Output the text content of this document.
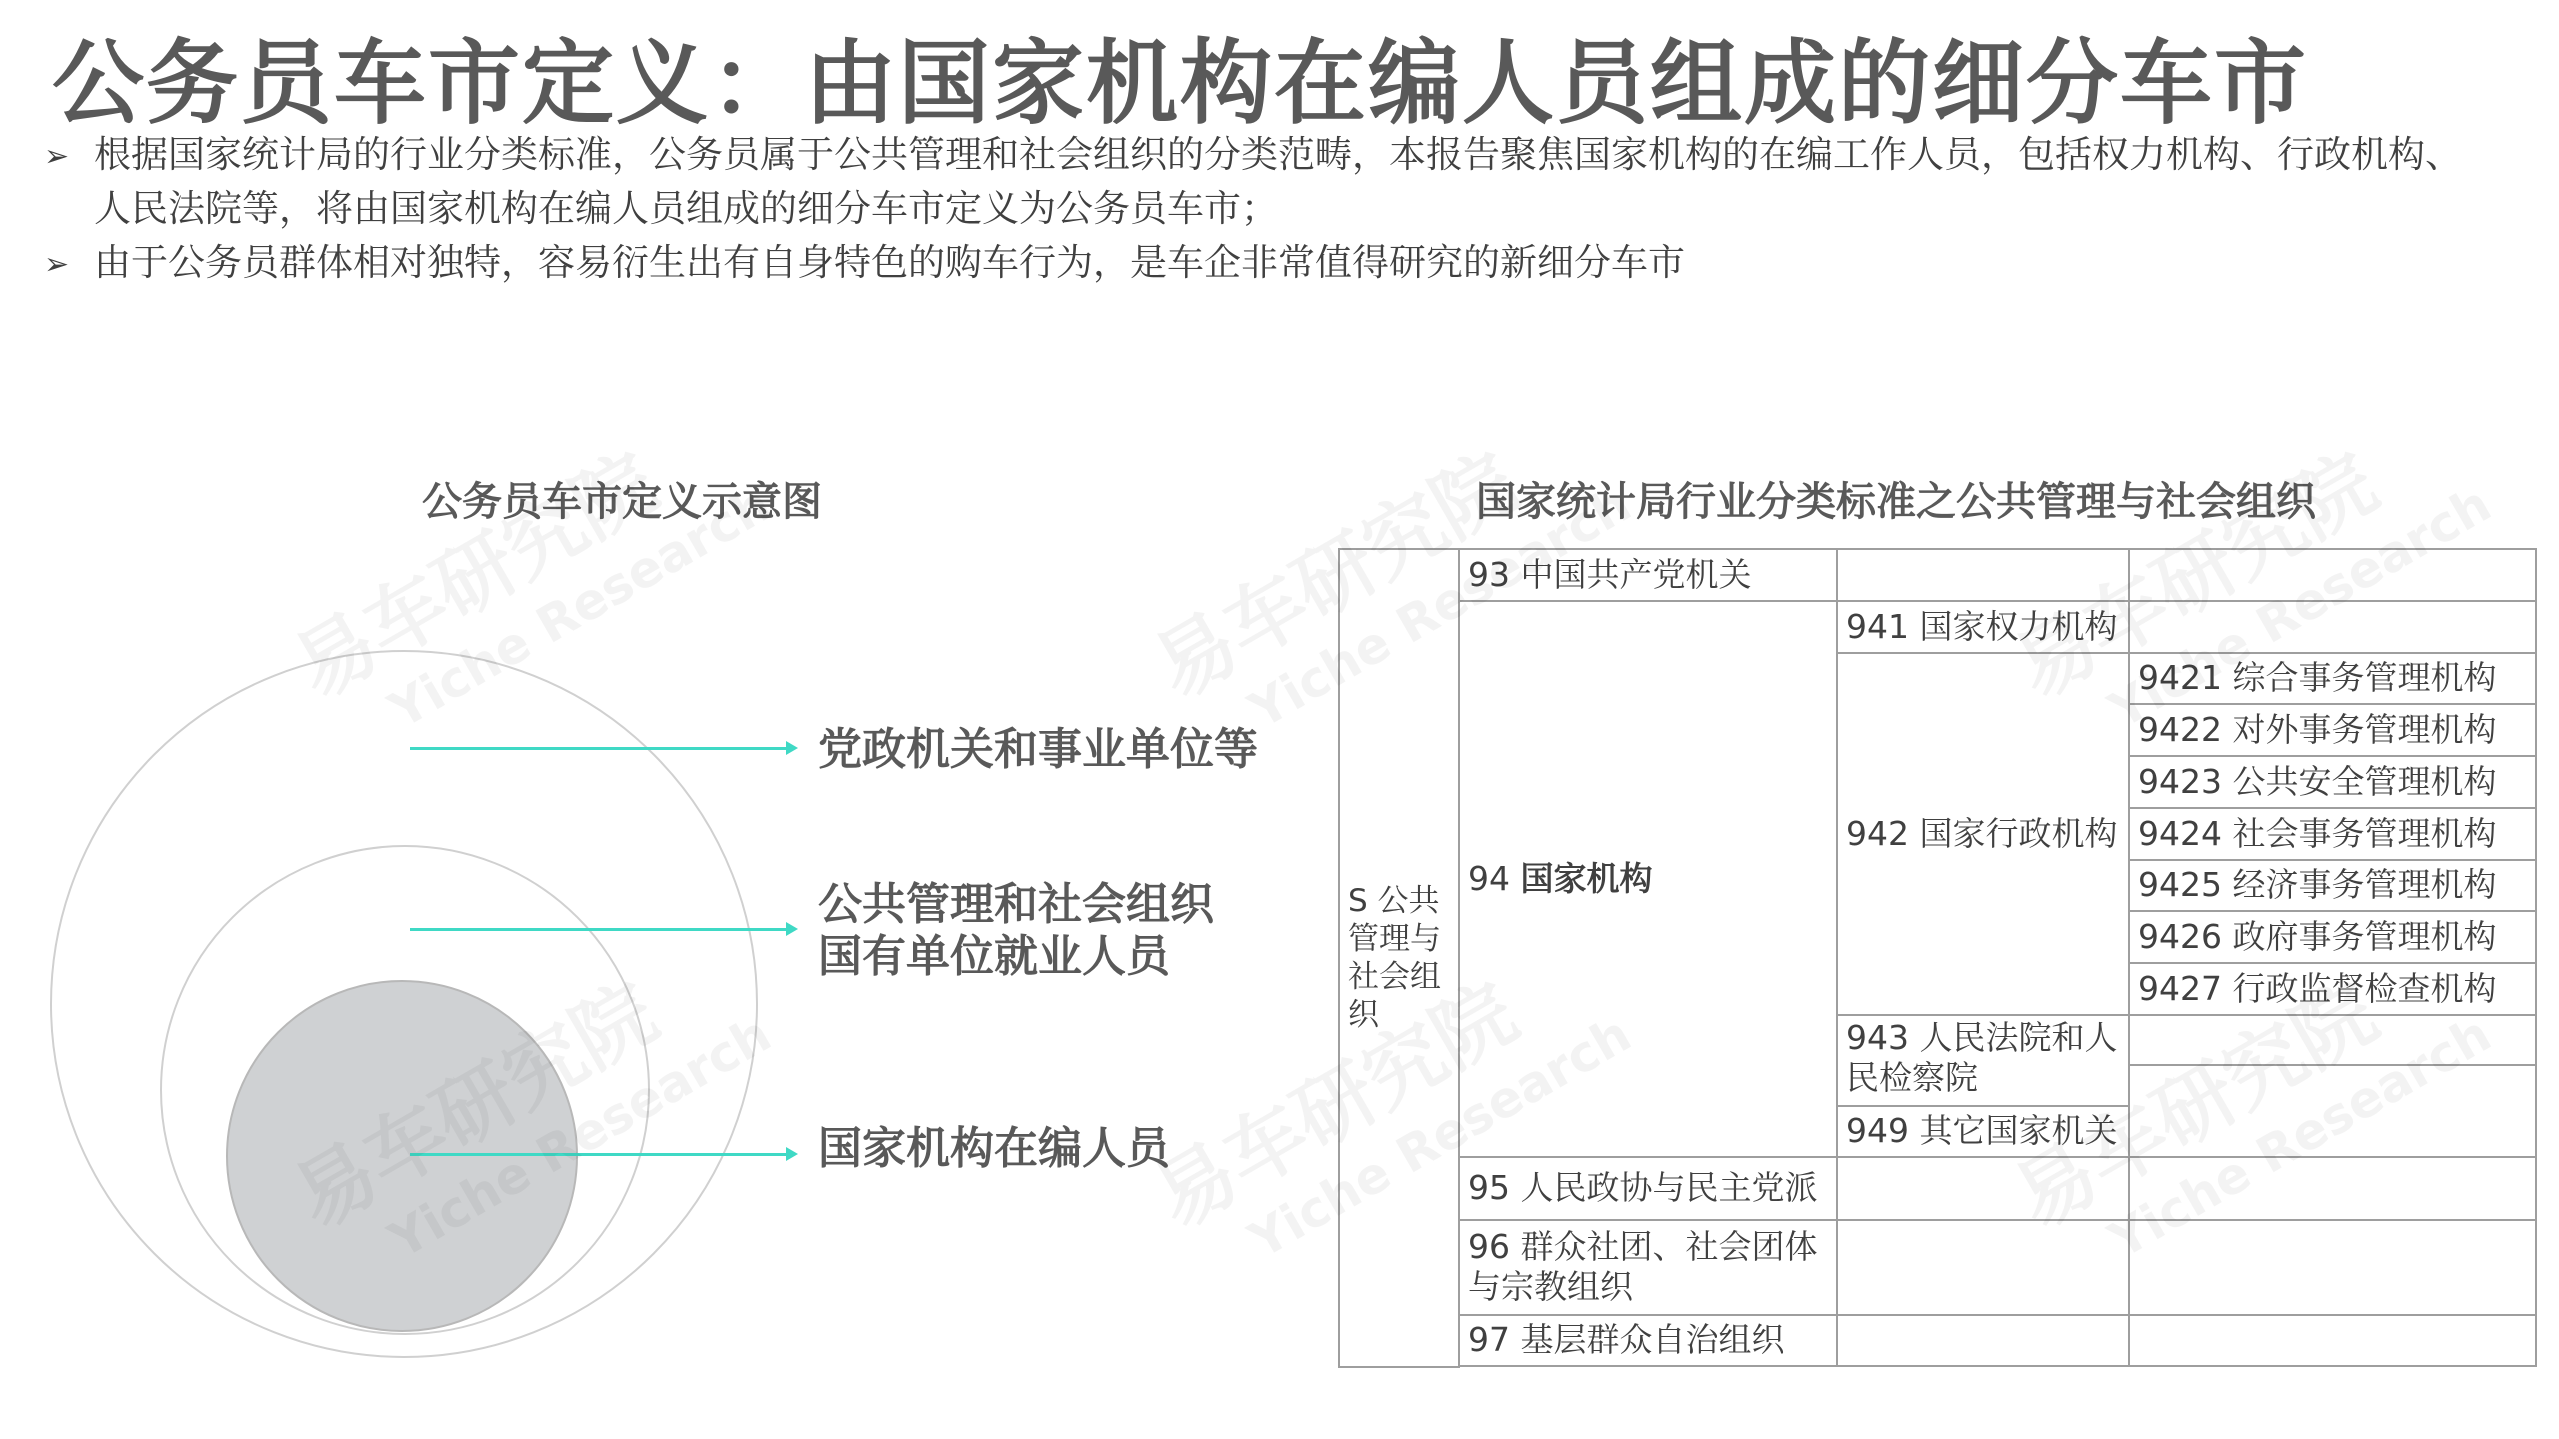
公务员车市定义：由国家机构在编人员组成的细分车市
➢ 根据国家统计局的行业分类标准，公务员属于公共管理和社会组织的分类范畴，本报告聚焦国家机构的在编工作人员，包括权力机构、行政机构、人民法院等，将由国家机构在编人员组成的细分车市定义为公务员车市；
➢ 由于公务员群体相对独特，容易衍生出有自身特色的购车行为，是车企非常值得研究的新细分车市
公务员车市定义示意图
党政机关和事业单位等
公共管理和社会组织
国有单位就业人员
国家机构在编人员
国家统计局行业分类标准之公共管理与社会组织
S 公共管理与社会组织	93 中国共产党机关		
	94 国家机构	941 国家权力机构	
		942 国家行政机构	9421 综合事务管理机构
			9422 对外事务管理机构
			9423 公共安全管理机构
			9424 社会事务管理机构
			9425 经济事务管理机构
			9426 政府事务管理机构
			9427 行政监督检查机构
		943 人民法院和人民检察院	

		949 其它国家机关	
	95 人民政协与民主党派		
	96 群众社团、社会团体与宗教组织		
	97 基层群众自治组织		
